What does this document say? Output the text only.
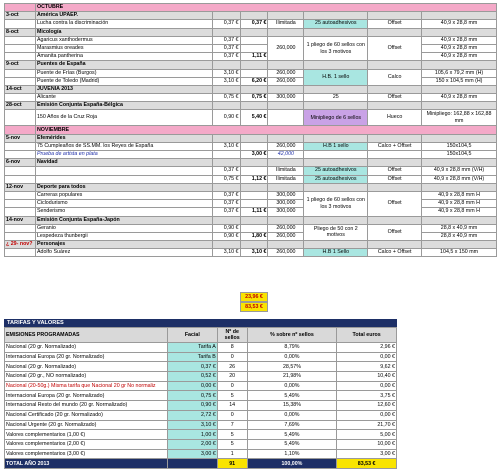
	OCTUBRE						
3-oct	América UPAEP.						
	Lucha contra la discriminación	0,37 €	0,37 €	Ilimitada	25 autoadhesivos	Offset	40,9 x 28,8 mm
8-oct	Micología						
	Agaricus xanthodermus	0,37 €		260,000	1 pliego de 60 sellos con los 3 motivos	Offset	40,9 x 28,8 mm
	Marasmius oreades	0,37 €					40,9 x 28,8 mm
	Amanita pantherina	0,37 €	1,11 €				40,9 x 28,8 mm
9-oct	Puentes de España						
	Puente de Frías (Burgos)	3,10 €		260,000	H.B. 1 sello	Calco	105,6 x 79,2 mm (H)
	Puente de Toledo (Madrid)	3,10 €	6,20 €	260,000			150 x 104,5 mm (H)
14-oct	JUVENIA 2013						
	Alicante	0,75 €	0,75 €	300,000	25	Offset	40,9 x 28,8 mm
28-oct	Emisión Conjunta España-Bélgica						
	150 Años de la Cruz Roja	0,90 €	5,40 €		Minipliego de 6 sellos	Hueco	Minipliego: 162,88 x 162,88 mm
	NOVIEMBRE						
5-nov	Efemérides						
	75 Cumpleaños de SS.MM. los Reyes de España	3,10 €		260,000	H.B 1 sello	Calco + Offset	150x104,5
	Prueba de artista en plata		3,00 €	42,000			150x104,5
6-nov	Navidad						
		0,37 €		Ilimitada	25 autoadhesivos	Offset	40,9 x 28,8 mm (V/H)
		0,75 €	1,12 €	Ilimitada	25 autoadhesivos	Offset	40,9 x 28,8 mm (V/H)
12-nov	Deporte para todos						
	Carreras populares	0,37 €		300,000	1 pliego de 60 sellos con los 3 motivos	Offset	40,9 x 28,8 mm H
	Ciclodurismo	0,37 €		300,000			40,9 x 28,8 mm H
	Senderismo	0,37 €	1,11 €	300,000			40,9 x 28,8 mm H
14-nov	Emisión Conjunta España-Japón						
	Geranio	0,90 €		260,000	Pliego de 50 con 2 motivos	Offset	28,8 x 40,9 mm
	Lespedeza thunbergii	0,90 €	1,80 €	260,000			28,8 x 40,9 mm
¿ 29- nov?	Personajes						
	Adolfo Suárez	3,10 €	3,10 €	260,000	H.B 1 Sello	Calco + Offset	104,5 x 150 mm
23,96 €
83,53 €
TARIFAS Y VALORES
EMISIONES PROGRAMADAS	Facial	Nº de sellos	% sobre nº sellos	Total euros
Nacional (20 gr. Normalizado)	Tarifa A	8	8,79%	2,96 €
Internacional Europa (20 gr. Normalizado)	Tarifa B	0	0,00%	0,00 €
Nacional (20 gr. Normalizado)	0,37 €	26	28,57%	9,62 €
Nacional (20 gr., NO normalizado)	0,52 €	20	21,98%	10,40 €
Nacional (20-50g.) Misma tarifa que Nacional 20 gr No normaliz	0,00 €	0	0,00%	0,00 €
Internacional Europa (20 gr. Normalizado)	0,75 €	5	5,49%	3,75 €
Internacional Resto del mundo (20 gr. Normalizado)	0,90 €	14	15,38%	12,60 €
Nacional Certificado (20 gr. Normalizado)	2,72 €	0	0,00%	0,00 €
Nacional Urgente (20 gr. Normalizado)	3,10 €	7	7,69%	21,70 €
Valores complementarios (1,00 €)	1,00 €	5	5,49%	5,00 €
Valores complementarios (2,00 €)	2,00 €	5	5,49%	10,00 €
Valores complementarios (3,00 €)	3,00 €	1	1,10%	3,00 €
TOTAL AÑO 2013		91	100,00%	83,53 €
